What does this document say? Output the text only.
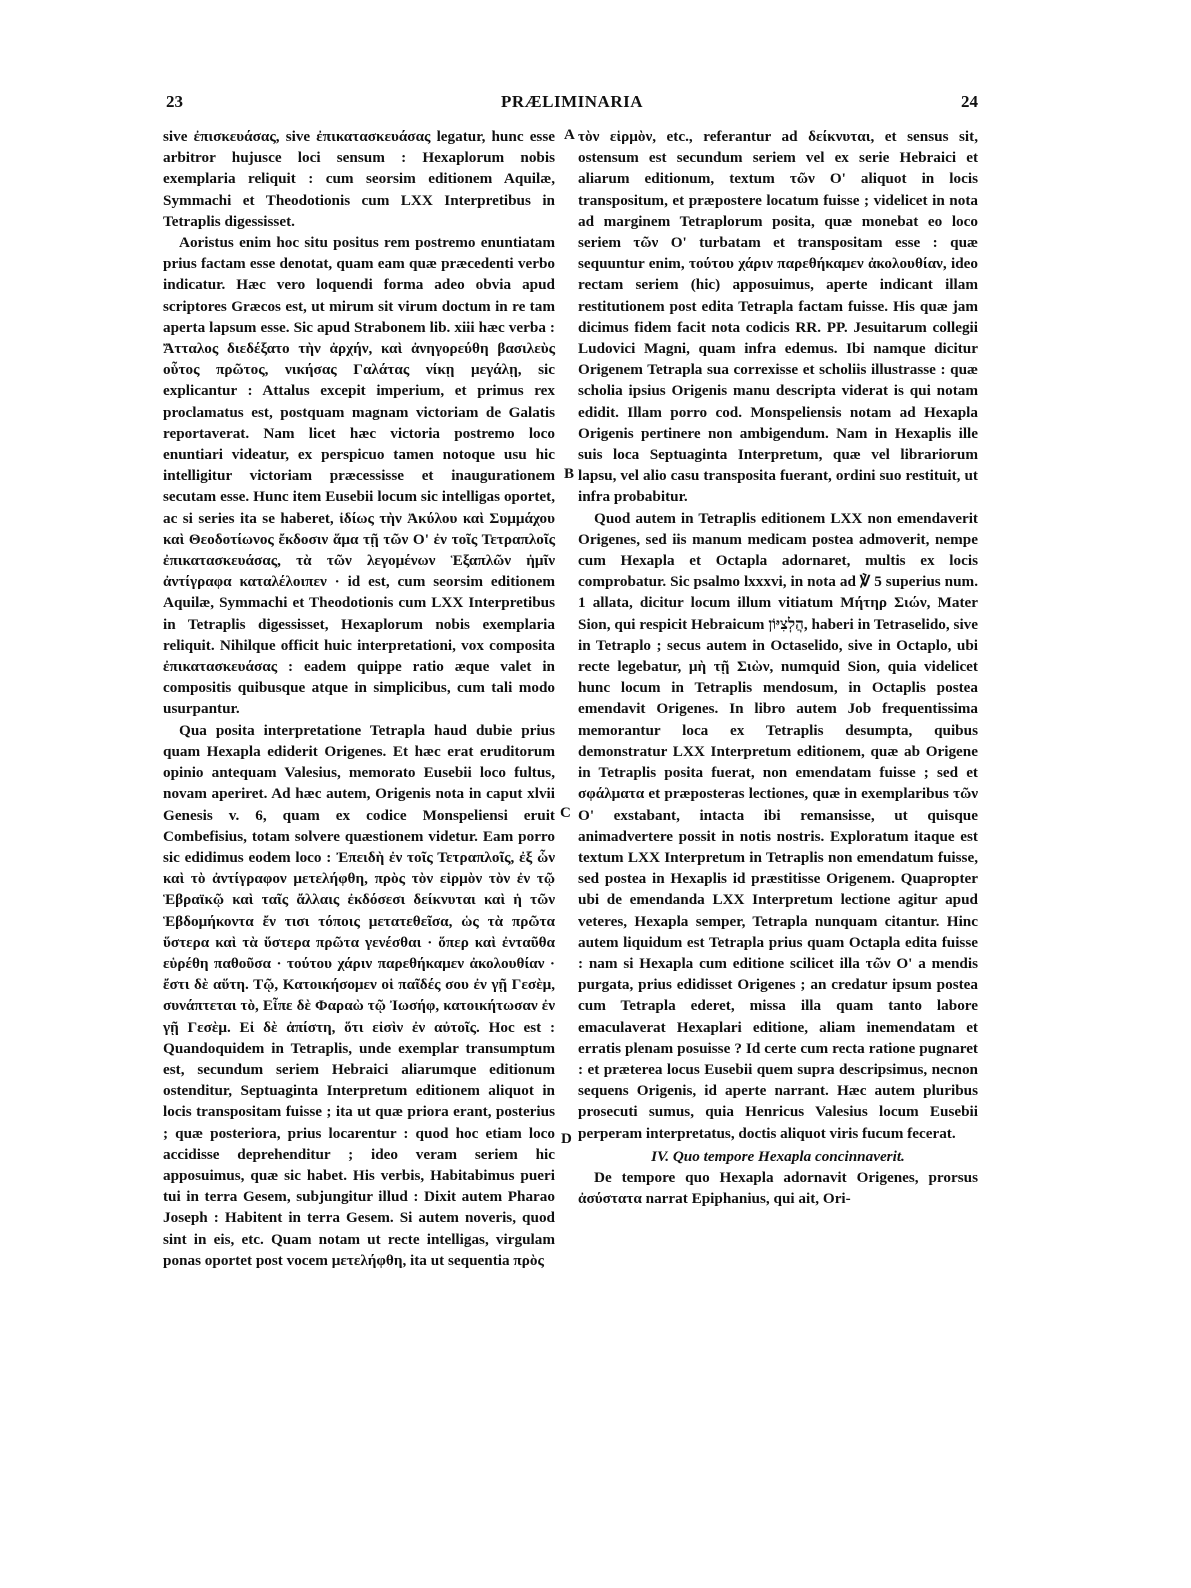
23	PRÆLIMINARIA	24

sive ἐπισκευάσας, sive ἐπικατασκευάσας legatur, hunc esse arbitror hujusce loci sensum : Hexaplorum nobis exemplaria reliquit : cum seorsim editionem Aquilæ, Symmachi et Theodotionis cum LXX Interpretibus in Tetraplis digessisset.

Aoristus enim hoc situ positus rem postremo enuntiatam prius factam esse denotat, quam eam quæ præcedenti verbo indicatur. Hæc vero loquendi forma adeo obvia apud scriptores Græcos est, ut mirum sit virum doctum in re tam aperta lapsum esse. Sic apud Strabonem lib. xiii hæc verba : Ἄτταλος διεδέξατο τὴν ἀρχήν, καὶ ἀνηγορεύθη βασιλεὺς οὗτος πρῶτος, νικήσας Γαλάτας νίκῃ μεγάλῃ, sic explicantur : Attalus excepit imperium, et primus rex proclamatus est, postquam magnam victoriam de Galatis reportaverat. Nam licet hæc victoria postremo loco enuntiari videatur, ex perspicuo tamen notoque usu hic intelligitur victoriam præcessisse et inaugurationem secutam esse. Hunc item Eusebii locum sic intelligas oportet, ac si series ita se haberet, ἰδίως τὴν Ἀκύλου καὶ Συμμάχου καὶ Θεοδοτίωνος ἔκδοσιν ἅμα τῇ τῶν Ο' ἐν τοῖς Τετραπλοῖς ἐπικατασκευάσας, τὰ τῶν λεγομένων Ἑξαπλῶν ἡμῖν ἀντίγραφα καταλέλοιπεν · id est, cum seorsim editionem Aquilæ, Symmachi et Theodotionis cum LXX Interpretibus in Tetraplis digessisset, Hexaplorum nobis exemplaria reliquit. Nihilque officit huic interpretationi, vox composita ἐπικατασκευάσας : eadem quippe ratio æque valet in compositis quibusque atque in simplicibus, cum tali modo usurpantur.

Qua posita interpretatione Tetrapla haud dubie prius quam Hexapla ediderit Origenes. Et hæc erat eruditorum opinio antequam Valesius, memorato Eusebii loco fultus, novam aperiret. Ad hæc autem, Origenis nota in caput xlvii Genesis v. 6, quam ex codice Monspeliensi eruit Combefisius, totam solvere quæstionem videtur. Eam porro sic edidimus eodem loco : Ἐπειδὴ ἐν τοῖς Τετραπλοῖς, ἐξ ὧν καὶ τὸ ἀντίγραφον μετελήφθη, πρὸς τὸν εἱρμὸν τὸν ἐν τῷ Ἑβραϊκῷ καὶ ταῖς ἄλλαις ἐκδόσεσι δείκνυται καὶ ἡ τῶν Ἑβδομήκοντα ἔν τισι τόποις μετατεθεῖσα, ὡς τὰ πρῶτα ὕστερα καὶ τὰ ὕστερα πρῶτα γενέσθαι · ὅπερ καὶ ἐνταῦθα εὑρέθη παθοῦσα · τούτου χάριν παρεθήκαμεν ἀκολουθίαν · ἔστι δὲ αὕτη. Τῷ, Κατοικήσομεν οἱ παῖδές σου ἐν γῇ Γεσὲμ, συνάπτεται τὸ, Εἶπε δὲ Φαραὼ τῷ Ἰωσήφ, κατοικήτωσαν ἐν γῇ Γεσὲμ. Εἰ δὲ ἀπίστη, ὅτι εἰσὶν ἐν αὐτοῖς. Hoc est : Quandoquidem in Tetraplis, unde exemplar transumptum est, secundum seriem Hebraici aliarumque editionum ostenditur, Septuaginta Interpretum editionem aliquot in locis transpositam fuisse ; ita ut quæ priora erant, posterius ; quæ posteriora, prius locarentur : quod hoc etiam loco accidisse deprehenditur ; ideo veram seriem hic apposuimus, quæ sic habet. His verbis, Habitabimus pueri tui in terra Gesem, subjungitur illud : Dixit autem Pharao Joseph : Habitent in terra Gesem. Si autem noveris, quod sint in eis, etc. Quam notam ut recte intelligas, virgulam ponas oportet post vocem μετελήφθη, ita ut sequentia πρὸς

A
B
C
D

τὸν εἱρμὸν, etc., referantur ad δείκνυται, et sensus sit, ostensum est secundum seriem vel ex serie Hebraici et aliarum editionum, textum τῶν Ο' aliquot in locis transpositum, et præpostere locatum fuisse ; videlicet in nota ad marginem Tetraplorum posita, quæ monebat eo loco seriem τῶν Ο' turbatam et transpositam esse : quæ sequuntur enim, τούτου χάριν παρεθήκαμεν ἀκολουθίαν, ideo rectam seriem (hic) apposuimus, aperte indicant illam restitutionem post edita Tetrapla factam fuisse. His quæ jam dicimus fidem facit nota codicis RR. PP. Jesuitarum collegii Ludovici Magni, quam infra edemus. Ibi namque dicitur Origenem Tetrapla sua correxisse et scholiis illustrasse : quæ scholia ipsius Origenis manu descripta viderat is qui notam edidit. Illam porro cod. Monspeliensis notam ad Hexapla Origenis pertinere non ambigendum. Nam in Hexaplis ille suis loca Septuaginta Interpretum, quæ vel librariorum lapsu, vel alio casu transposita fuerant, ordini suo restituit, ut infra probabitur.

Quod autem in Tetraplis editionem LXX non emendaverit Origenes, sed iis manum medicam postea admoverit, nempe cum Hexapla et Octapla adornaret, multis ex locis comprobatur. Sic psalmo lxxxvi, in nota ad ℣ 5 superius num. 1 allata, dicitur locum illum vitiatum Μήτηρ Σιών, Mater Sion, qui respicit Hebraicum הֲלְצִיּוֹן, haberi in Tetraselido, sive in Tetraplo ; secus autem in Octaselido, sive in Octaplo, ubi recte legebatur, μὴ τῇ Σιὼν, numquid Sion, quia videlicet hunc locum in Tetraplis mendosum, in Octaplis postea emendavit Origenes. In libro autem Job frequentissima memorantur loca ex Tetraplis desumpta, quibus demonstratur LXX Interpretum editionem, quæ ab Origene in Tetraplis posita fuerat, non emendatam fuisse ; sed et σφάλματα et præposteras lectiones, quæ in exemplaribus τῶν Ο' exstabant, intacta ibi remansisse, ut quisque animadvertere possit in notis nostris. Exploratum itaque est textum LXX Interpretum in Tetraplis non emendatum fuisse, sed postea in Hexaplis id præstitisse Origenem. Quapropter ubi de emendanda LXX Interpretum lectione agitur apud veteres, Hexapla semper, Tetrapla nunquam citantur. Hinc autem liquidum est Tetrapla prius quam Octapla edita fuisse : nam si Hexapla cum editione scilicet illa τῶν Ο' a mendis purgata, prius edidisset Origenes ; an credatur ipsum postea cum Tetrapla ederet, missa illa quam tanto labore emaculaverat Hexaplari editione, aliam inemendatam et erratis plenam posuisse ? Id certe cum recta ratione pugnaret : et præterea locus Eusebii quem supra descripsimus, necnon sequens Origenis, id aperte narrant. Hæc autem pluribus prosecuti sumus, quia Henricus Valesius locum Eusebii perperam interpretatus, doctis aliquot viris fucum fecerat.

IV. Quo tempore Hexapla concinnaverit.

De tempore quo Hexapla adornavit Origenes, prorsus ἀσύστατα narrat Epiphanius, qui ait, Ori-
